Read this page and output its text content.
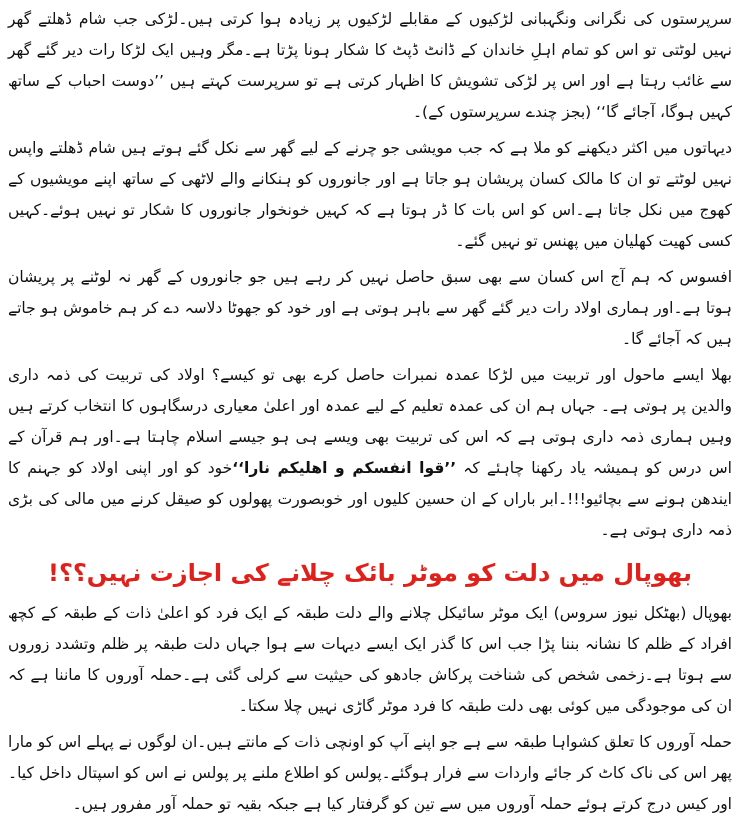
سرپرستوں کی نگرانی ونگہبانی لڑکیوں کے مقابلے لڑکیوں پر زیادہ ہوا کرتی ہیں۔لڑکی جب شام ڈھلتے گھر نہیں لوٹتی تو اس کو تمام اہلِ خاندان کے ڈانٹ ڈپٹ کا شکار ہونا پڑتا ہے۔مگر وہیں ایک لڑکا رات دیر گئے گھر سے غائب رہتا ہے اور اس پر لڑکی تشویش کا اظہار کرتی ہے تو سرپرست کہتے ہیں ’’دوست احباب کے ساتھ کہیں ہوگا، آجائے گا‘‘ (بجز چندے سرپرستوں کے)۔

دیہاتوں میں اکثر دیکھنے کو ملا ہے کہ جب مویشی جو چرنے کے لیے گھر سے نکل گئے ہوتے ہیں شام ڈھلتے واپس نہیں لوٹتے تو ان کا مالک کسان پریشان ہو جاتا ہے اور جانوروں کو ہنکانے والے لاٹھی کے ساتھ اپنے مویشیوں کے کھوج میں نکل جاتا ہے۔اس کو اس بات کا ڈر ہوتا ہے کہ کہیں خونخوار جانوروں کا شکار تو نہیں ہوئے۔کہیں کسی کھیت کھلیان میں پھنس تو نہیں گئے۔

افسوس کہ ہم آج اس کسان سے بھی سبق حاصل نہیں کر رہے ہیں جو جانوروں کے گھر نہ لوٹنے پر پریشان ہوتا ہے۔اور ہماری اولاد رات دیر گئے گھر سے باہر ہوتی ہے اور خود کو جھوٹا دلاسہ دے کر ہم خاموش ہو جاتے ہیں کہ آجائے گا۔

بھلا ایسے ماحول اور تربیت میں لڑکا عمدہ نمبرات حاصل کرے بھی تو کیسے؟ اولاد کی تربیت کی ذمہ داری والدین پر ہوتی ہے۔ جہاں ہم ان کی عمدہ تعلیم کے لیے عمدہ اور اعلیٰ معیاری درسگاہوں کا انتخاب کرتے ہیں وہیں ہماری ذمہ داری ہوتی ہے کہ اس کی تربیت بھی ویسے ہی ہو جیسے اسلام چاہتا ہے۔اور ہم قرآن کے اس درس کو ہمیشہ یاد رکھنا چاہئے کہ ’’قوا انفسکم و اھلیکم نارا‘‘خود کو اور اپنی اولاد کو جہنم کا ایندھن ہونے سے بچائیو!!!۔ابر باراں کے ان حسین کلیوں اور خوبصورت پھولوں کو صیقل کرنے میں مالی کی بڑی ذمہ داری ہوتی ہے۔

بھوپال میں دلت کو موٹر بائک چلانے کی اجازت نہیں؟؟!

بھوپال (بھٹکل نیوز سروس) ایک موٹر سائیکل چلانے والے دلت طبقہ کے ایک فرد کو اعلیٰ ذات کے طبقہ کے کچھ افراد کے ظلم کا نشانہ بننا پڑا جب اس کا گذر ایک ایسے دیہات سے ہوا جہاں دلت طبقہ پر ظلم وتشدد زوروں سے ہوتا ہے۔زخمی شخص کی شناخت پرکاش جادھو کی حیثیت سے کرلی گئی ہے۔حملہ آوروں کا ماننا ہے کہ ان کی موجودگی میں کوئی بھی دلت طبقہ کا فرد موٹر گاڑی نہیں چلا سکتا۔

حملہ آوروں کا تعلق کشواہا طبقہ سے ہے جو اپنے آپ کو اونچی ذات کے مانتے ہیں۔ان لوگوں نے پہلے اس کو مارا پھر اس کی ناک کاٹ کر جائے واردات سے فرار ہوگئے۔پولس کو اطلاع ملنے پر پولس نے اس کو اسپتال داخل کیا۔اور کیس درج کرتے ہوئے حملہ آوروں میں سے تین کو گرفتار کیا ہے جبکہ بقیہ تو حملہ آور مفرور ہیں۔
